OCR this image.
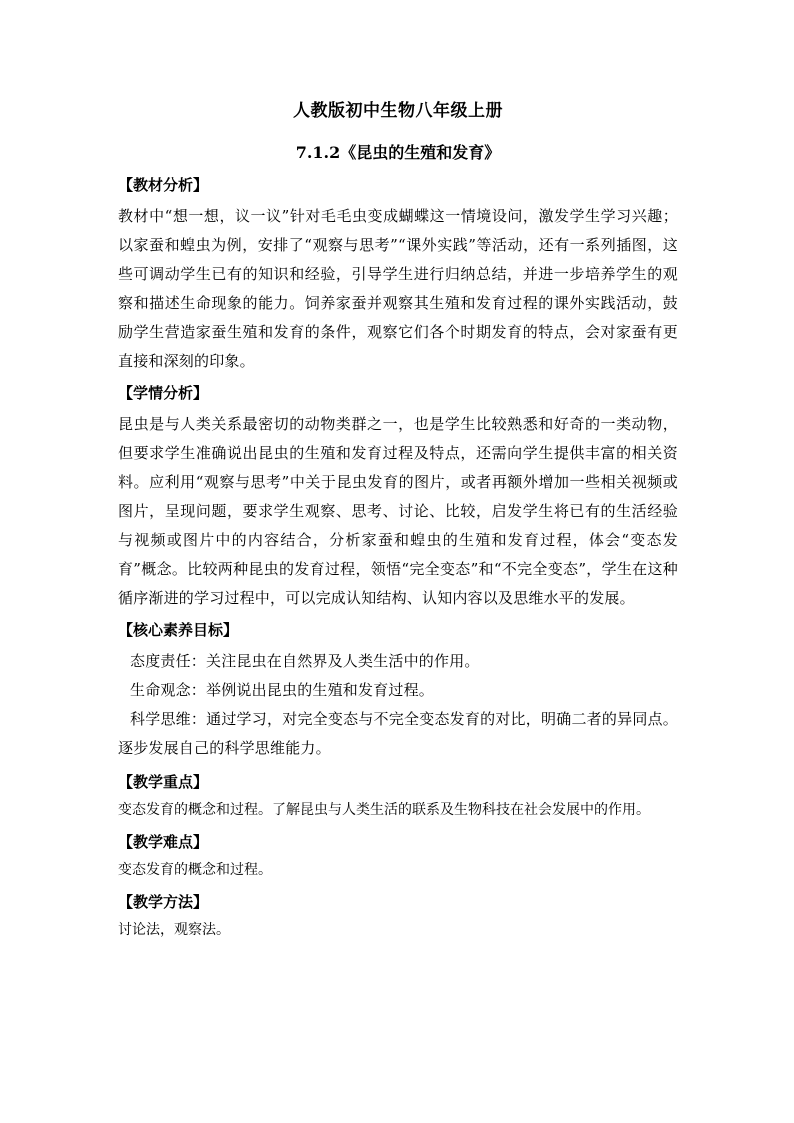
人教版初中生物八年级上册
7.1.2《昆虫的生殖和发育》
【教材分析】
教材中“想一想，议一议”针对毛毛虫变成蝴蝶这一情境设问，激发学生学习兴趣；以家蚕和蝗虫为例，安排了“观察与思考”“课外实践”等活动，还有一系列插图，这些可调动学生已有的知识和经验，引导学生进行归纳总结，并进一步培养学生的观察和描述生命现象的能力。饲养家蚕并观察其生殖和发育过程的课外实践活动，鼓励学生营造家蚕生殖和发育的条件，观察它们各个时期发育的特点，会对家蚕有更直接和深刻的印象。
【学情分析】
昆虫是与人类关系最密切的动物类群之一，也是学生比较熟悉和好奇的一类动物，但要求学生准确说出昆虫的生殖和发育过程及特点，还需向学生提供丰富的相关资料。应利用“观察与思考”中关于昆虫发育的图片，或者再额外增加一些相关视频或图片，呈现问题，要求学生观察、思考、讨论、比较，启发学生将已有的生活经验与视频或图片中的内容结合，分析家蚕和蝗虫的生殖和发育过程，体会“变态发育”概念。比较两种昆虫的发育过程，领悟“完全变态”和“不完全变态”，学生在这种循序渐进的学习过程中，可以完成认知结构、认知内容以及思维水平的发展。
【核心素养目标】
态度责任：关注昆虫在自然界及人类生活中的作用。
生命观念：举例说出昆虫的生殖和发育过程。
科学思维：通过学习，对完全变态与不完全变态发育的对比，明确二者的异同点。逐步发展自己的科学思维能力。
【教学重点】
变态发育的概念和过程。了解昆虫与人类生活的联系及生物科技在社会发展中的作用。
【教学难点】
变态发育的概念和过程。
【教学方法】
讨论法，观察法。
